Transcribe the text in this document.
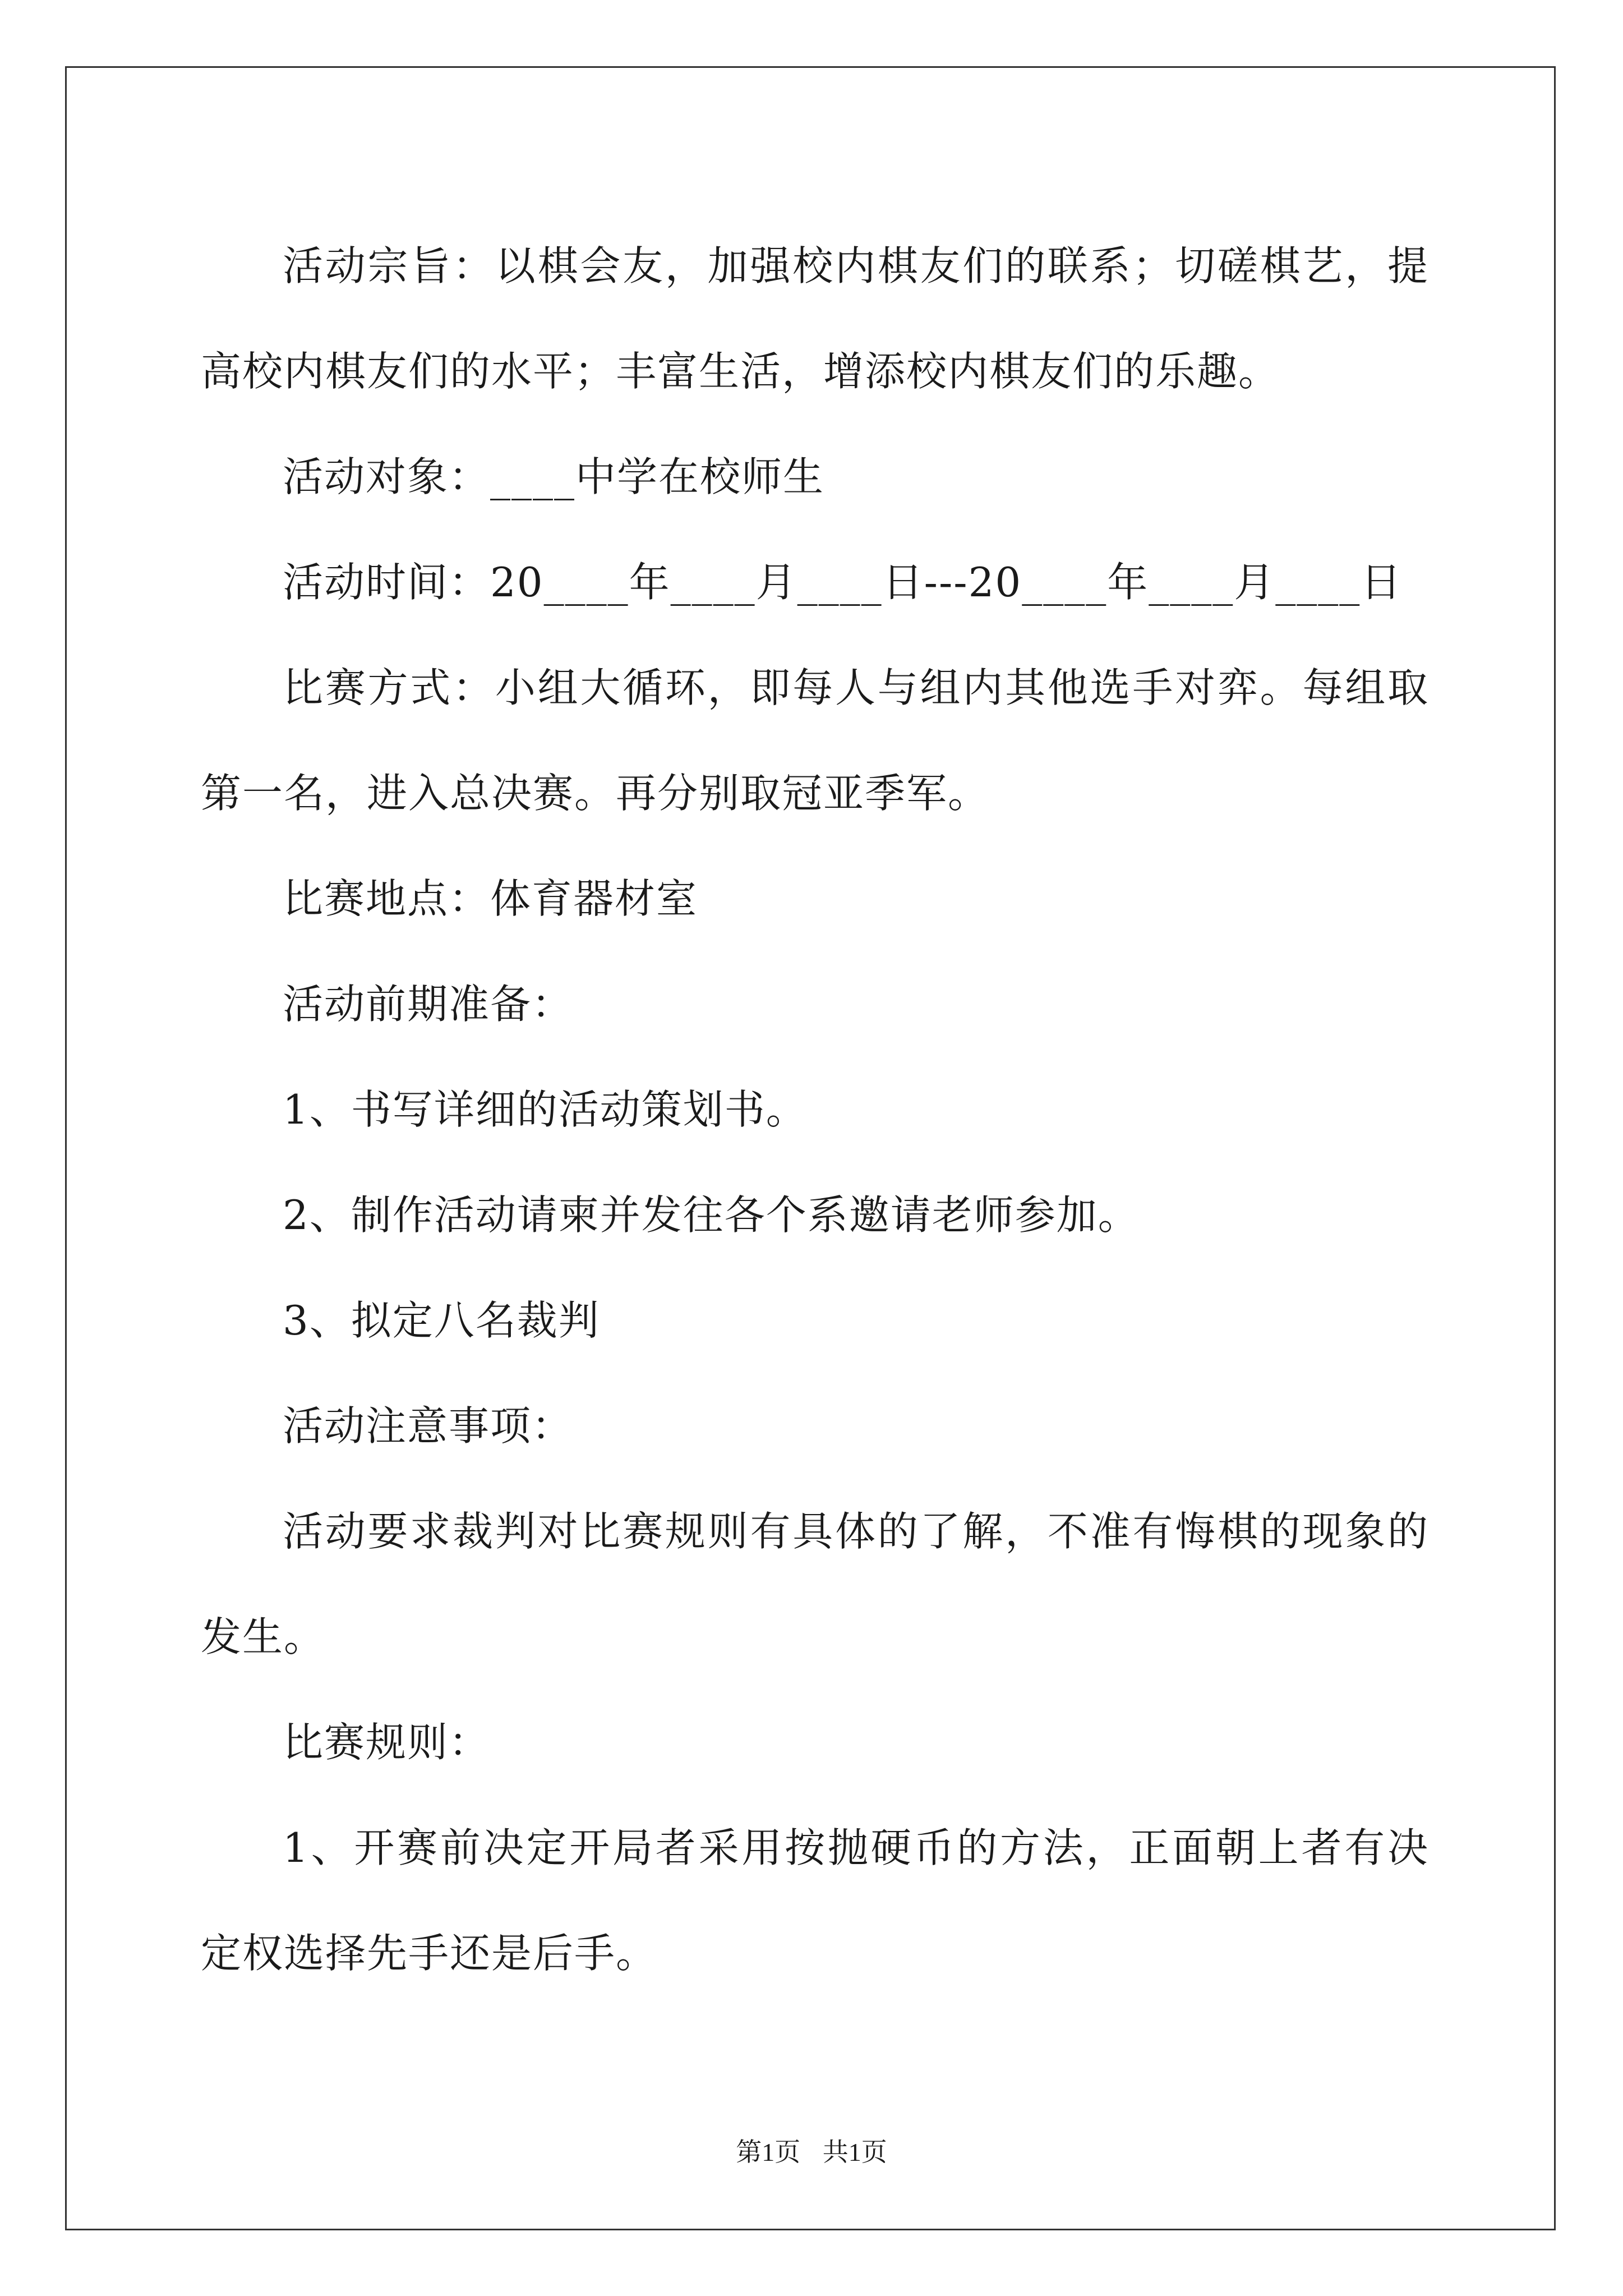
活动宗旨：以棋会友，加强校内棋友们的联系；切磋棋艺，提高校内棋友们的水平；丰富生活，增添校内棋友们的乐趣。

活动对象：____中学在校师生

活动时间：20____年____月____日---20____年____月____日

比赛方式：小组大循环，即每人与组内其他选手对弈。每组取第一名，进入总决赛。再分别取冠亚季军。

比赛地点：体育器材室

活动前期准备：

1、书写详细的活动策划书。

2、制作活动请柬并发往各个系邀请老师参加。

3、拟定八名裁判

活动注意事项：

活动要求裁判对比赛规则有具体的了解，不准有悔棋的现象的发生。

比赛规则：

1、开赛前决定开局者采用按抛硬币的方法，正面朝上者有决定权选择先手还是后手。

第1页 共1页
